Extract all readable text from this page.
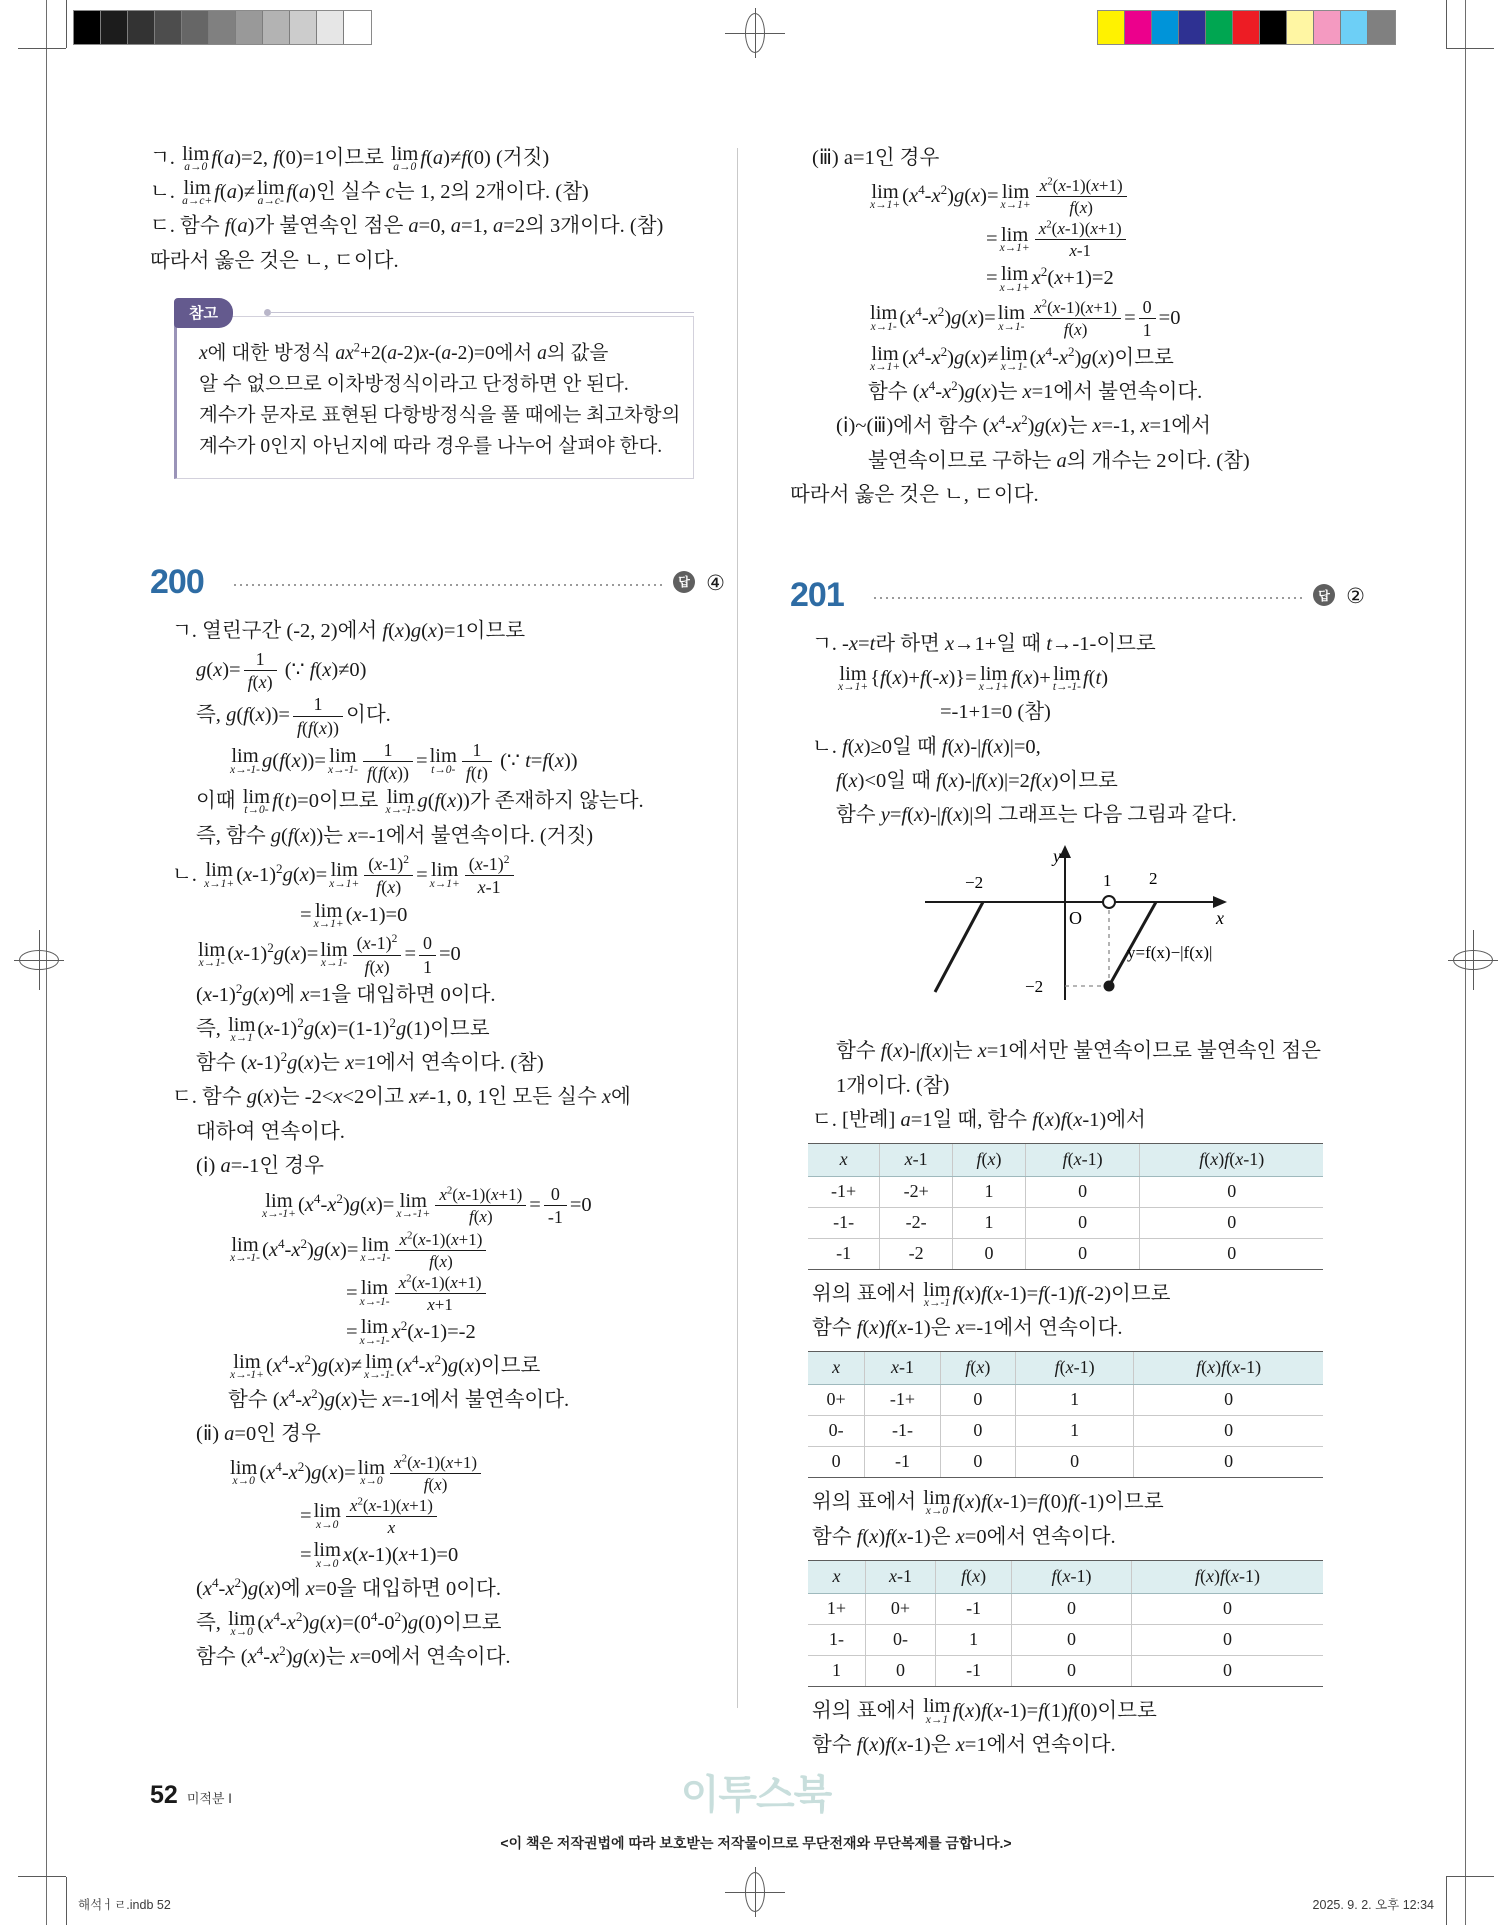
ㄱ. lim
a→0 f(a)=2, f(0)=1이므로 lim
a→0 f(a)≠f(0) (거짓)
ㄴ. lim
a→c+ f(a)≠ lim
a→c- f(a)인 실수 c는 1, 2의 2개이다. (참)
ㄷ. 함수 f(a)가 불연속인 점은 a=0, a=1, a=2의 3개이다. (참)
따라서 옳은 것은 ㄴ, ㄷ이다.
참고
x에 대한 방정식 $ax^2+2(a-2)x-(a-2)=0$에서 a의 값을
알 수 없으므로 이차방정식이라고 단정하면 안 된다.
계수가 문자로 표현된 다항방정식을 풀 때에는 최고차항의
계수가 0인지 아닌지에 따라 경우를 나누어 살펴야 한다.
200	답 ④
ㄱ. 열린구간 (-2, 2)에서 f(x)g(x)=1이므로
$g(x)= \frac{1}{f(x)}$ (∵ f(x)≠0)
즉, $g(f(x))= \frac{1}{f(f(x))}$ 이다.
lim
x→-1- g(f(x))= lim
$x\to-1- \frac{1}{f(f(x))} = \lim$
$t\to 0- \frac{1}{f(t)}$ (∵ t=f(x))
이때 lim
t→0- f(t)=0이므로 lim
x→-1- g(f(x))가 존재하지 않는다.
즉, 함수 g(f(x))는 x=-1에서 불연속이다. (거짓)
ㄴ. lim
$x\to 1+ (x-1)^2g(x)= \lim$
$x\to 1+ \frac{(x-1)^2}{f(x)} = \lim$
$x\to 1+ \frac{(x-1)^2}{x-1}$
= lim
x→1+ (x-1)=0
lim
x→1- $(x-1)^2g(x)= \lim$
$x\to 1- \frac{(x-1)^2}{f(x)} = \frac{0}{1} =0$
$(x-1)^2g(x)$에 x=1을 대입하면 0이다.
즉, lim
x→1 $(x-1)^2g(x)=(1-1)^2g(1)$이므로
함수 $(x-1)^2g(x)$는 x=1에서 연속이다. (참)
ㄷ. 함수 g(x)는 -2<x<2이고 x≠-1, 0, 1인 모든 실수 x에
대하여 연속이다.
(ⅰ) a=-1인 경우
lim
$x\to-1+ (x^4-x^2)g(x)= \lim$
$x\to-1+ \frac{x^2(x-1)(x+1)}{f(x)} = \frac{0}{-1} =0$
lim
x→-1- $(x^4-x^2)g(x)= \lim$
$x\to-1- \frac{x^2(x-1)(x+1)}{f(x)}$
= lim
$x\to-1- \frac{x^2(x-1)(x+1)}{x+1}$
= lim
x→-1- $x^2(x-1)=-2$
lim
$x\to-1+ (x^4-x^2)g(x)\ne \lim$
x→-1- $(x^4-x^2)g(x)$이므로
함수 $(x^4-x^2)g(x)$는 x=-1에서 불연속이다.
(ⅱ) a=0인 경우
lim
x→0 $(x^4-x^2)g(x)= \lim$
$x\to 0 \frac{x^2(x-1)(x+1)}{f(x)}$
= lim
$x\to 0 \frac{x^2(x-1)(x+1)}{x}$
= lim
x→0 x(x-1)(x+1)=0
$(x^4-x^2)g(x)$에 x=0을 대입하면 0이다.
즉, lim
x→0 $(x^4-x^2)g(x)=(0^4-0^2)g(0)$이므로
함수 $(x^4-x^2)g(x)$는 x=0에서 연속이다.
(ⅲ) a=1인 경우
lim
$x\to 1+ (x^4-x^2)g(x)= \lim$
$x\to 1+ \frac{x^2(x-1)(x+1)}{f(x)}$
= lim
$x\to 1+ \frac{x^2(x-1)(x+1)}{x-1}$
= lim
$x\to 1+ x^2(x+1)=2$
lim
x→1- $(x^4-x^2)g(x)= \lim$
$x\to 1- \frac{x^2(x-1)(x+1)}{f(x)} = \frac{0}{1} =0$
lim
$x\to 1+ (x^4-x^2)g(x)\ne \lim$
x→1- $(x^4-x^2)g(x)$이므로
함수 $(x^4-x^2)g(x)$는 x=1에서 불연속이다.
(ⅰ)~(ⅲ)에서 함수 $(x^4-x^2)g(x)$는 x=-1, x=1에서
불연속이므로 구하는 a의 개수는 2이다. (참)
따라서 옳은 것은 ㄴ, ㄷ이다.
201	답 ②
ㄱ. -x=t라 하면 x→1+일 때 t→-1-이므로
lim
x→1+ {f(x)+f(-x)}= lim
x→1+ f(x)+ lim
t→-1- f(t)
=-1+1=0 (참)
ㄴ. f(x)≥0일 때 f(x)-|f(x)|=0,
f(x)<0일 때 f(x)-|f(x)|=2f(x)이므로
함수 y=f(x)-|f(x)|의 그래프는 다음 그림과 같다.
y
x
O
−2	1 2
−2
y=f(x)−|f(x)|
함수 f(x)-|f(x)|는 x=1에서만 불연속이므로 불연속인 점은
1개이다. (참)
ㄷ. [반례] a=1일 때, 함수 f(x)f(x-1)에서
x	x-1	f(x)	f(x-1)	f(x)f(x-1)
-1+	-2+	1	0	0
-1-	-2-	1	0	0
-1	-2	0	0	0
위의 표에서 lim
x→-1 f(x)f(x-1)=f(-1)f(-2)이므로
함수 f(x)f(x-1)은 x=-1에서 연속이다.
x	x-1	f(x)	f(x-1)	f(x)f(x-1)
0+	-1+	0	1	0
0-	-1-	0	1	0
0	-1	0	0	0
위의 표에서 lim
x→0 f(x)f(x-1)=f(0)f(-1)이므로
함수 f(x)f(x-1)은 x=0에서 연속이다.
x	x-1	f(x)	f(x-1)	f(x)f(x-1)
1+	0+	-1	0	0
1-	0-	1	0	0
1	0	-1	0	0
위의 표에서 lim
x→1 f(x)f(x-1)=f(1)f(0)이므로
함수 f(x)f(x-1)은 x=1에서 연속이다.
52 미적분 Ⅰ	이투스북
<이 책은 저작권법에 따라 보호받는 저작물이므로 무단전재와 무단복제를 금합니다.>
해석ㅓㄹ.indb 52	2025. 9. 2. 오후 12:34
